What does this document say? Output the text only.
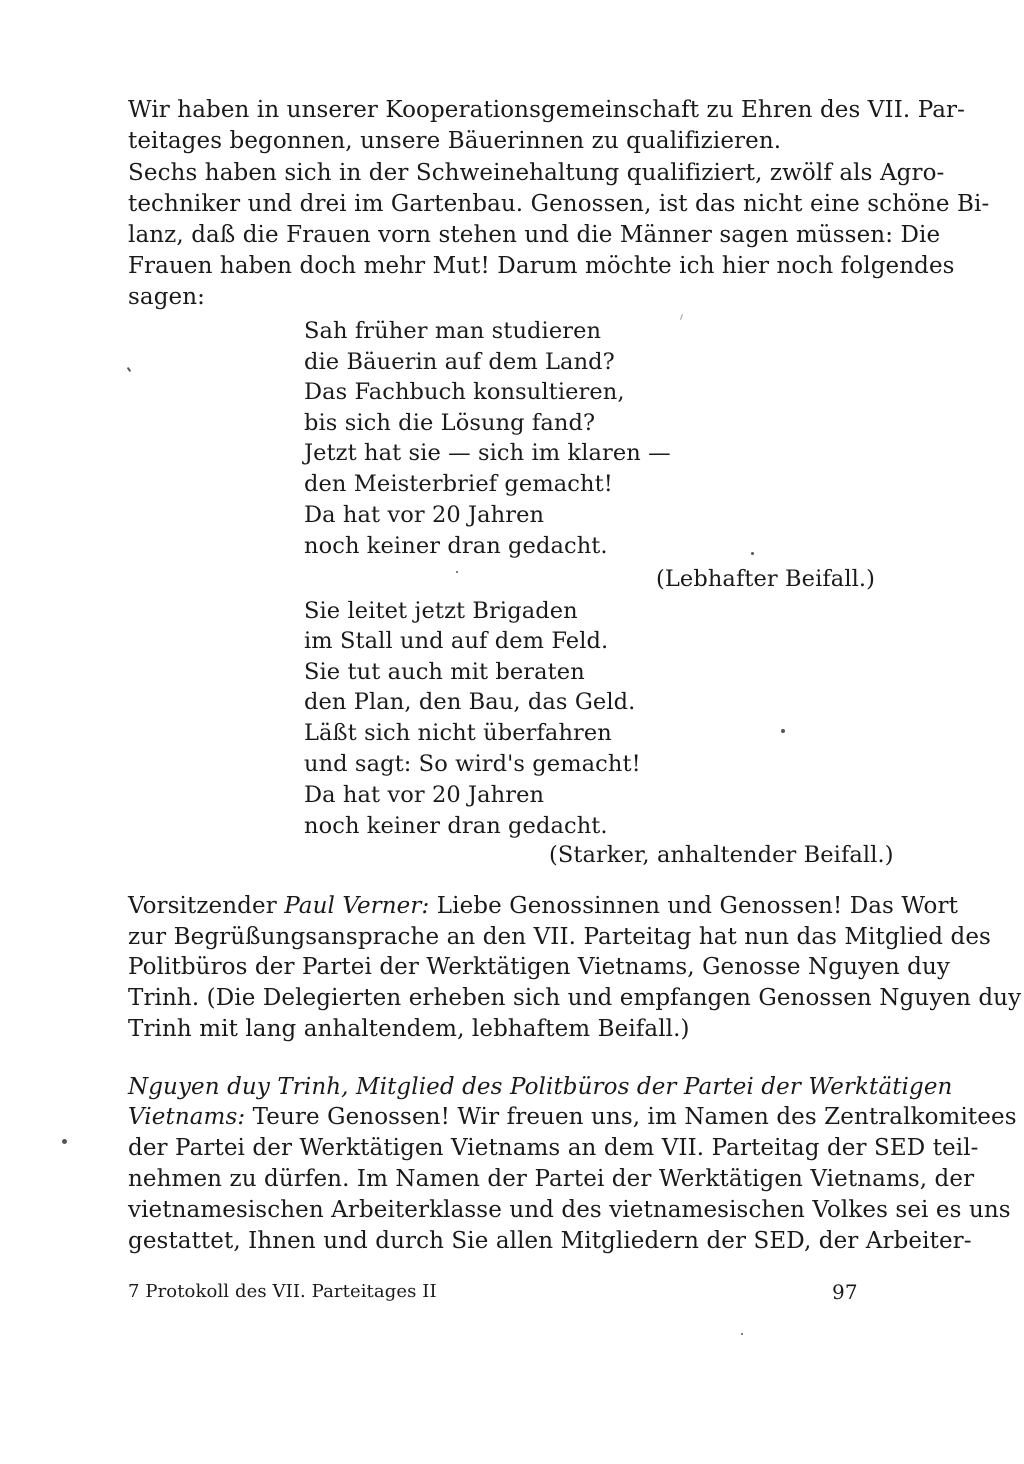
Wir haben in unserer Kooperationsgemeinschaft zu Ehren des VII. Par-
teitages begonnen, unsere Bäuerinnen zu qualifizieren.
Sechs haben sich in der Schweinehaltung qualifiziert, zwölf als Agro-
techniker und drei im Gartenbau. Genossen, ist das nicht eine schöne Bi-
lanz, daß die Frauen vorn stehen und die Männer sagen müssen: Die
Frauen haben doch mehr Mut! Darum möchte ich hier noch folgendes
sagen:
Sah früher man studieren
die Bäuerin auf dem Land?
Das Fachbuch konsultieren,
bis sich die Lösung fand?
Jetzt hat sie — sich im klaren —
den Meisterbrief gemacht!
Da hat vor 20 Jahren
noch keiner dran gedacht.
(Lebhafter Beifall.)
Sie leitet jetzt Brigaden
im Stall und auf dem Feld.
Sie tut auch mit beraten
den Plan, den Bau, das Geld.
Läßt sich nicht überfahren
und sagt: So wird's gemacht!
Da hat vor 20 Jahren
noch keiner dran gedacht.
(Starker, anhaltender Beifall.)
Vorsitzender Paul Verner: Liebe Genossinnen und Genossen! Das Wort
zur Begrüßungsansprache an den VII. Parteitag hat nun das Mitglied des
Politbüros der Partei der Werktätigen Vietnams, Genosse Nguyen duy
Trinh. (Die Delegierten erheben sich und empfangen Genossen Nguyen duy
Trinh mit lang anhaltendem, lebhaftem Beifall.)
Nguyen duy Trinh, Mitglied des Politbüros der Partei der Werktätigen
Vietnams: Teure Genossen! Wir freuen uns, im Namen des Zentralkomitees
der Partei der Werktätigen Vietnams an dem VII. Parteitag der SED teil-
nehmen zu dürfen. Im Namen der Partei der Werktätigen Vietnams, der
vietnamesischen Arbeiterklasse und des vietnamesischen Volkes sei es uns
gestattet, Ihnen und durch Sie allen Mitgliedern der SED, der Arbeiter-
7 Protokoll des VII. Parteitages II	97
